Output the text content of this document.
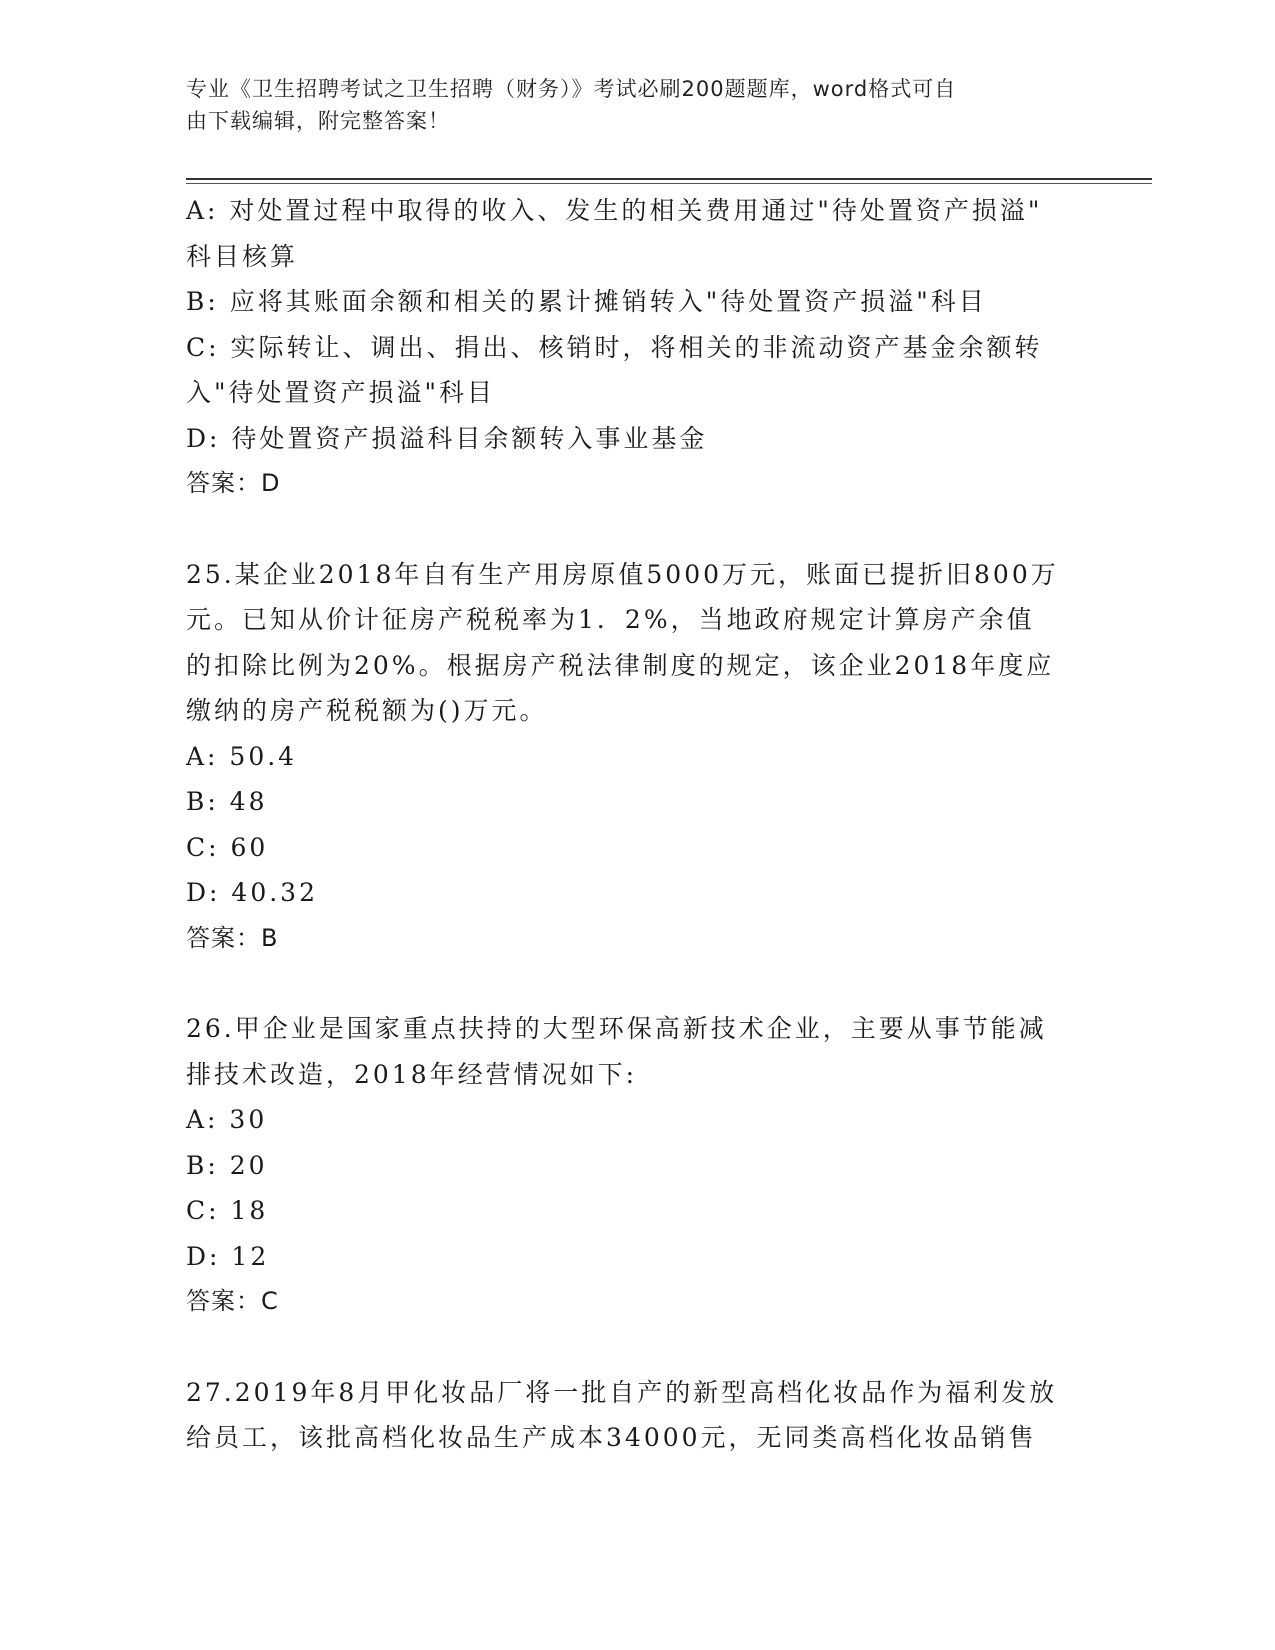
专业《卫生招聘考试之卫生招聘（财务）》考试必刷200题题库，word格式可自
由下载编辑，附完整答案！
A: 对处置过程中取得的收入、发生的相关费用通过"待处置资产损溢"
科目核算
B: 应将其账面余额和相关的累计摊销转入"待处置资产损溢"科目
C: 实际转让、调出、捐出、核销时，将相关的非流动资产基金余额转
入"待处置资产损溢"科目
D: 待处置资产损溢科目余额转入事业基金
答案：D
25.某企业2018年自有生产用房原值5000万元，账面已提折旧800万
元。已知从价计征房产税税率为1．2%，当地政府规定计算房产余值
的扣除比例为20%。根据房产税法律制度的规定，该企业2018年度应
缴纳的房产税税额为()万元。
A: 50.4
B: 48
C: 60
D: 40.32
答案：B
26.甲企业是国家重点扶持的大型环保高新技术企业，主要从事节能减
排技术改造，2018年经营情况如下:
A: 30
B: 20
C: 18
D: 12
答案：C
27.2019年8月甲化妆品厂将一批自产的新型高档化妆品作为福利发放
给员工，该批高档化妆品生产成本34000元，无同类高档化妆品销售
